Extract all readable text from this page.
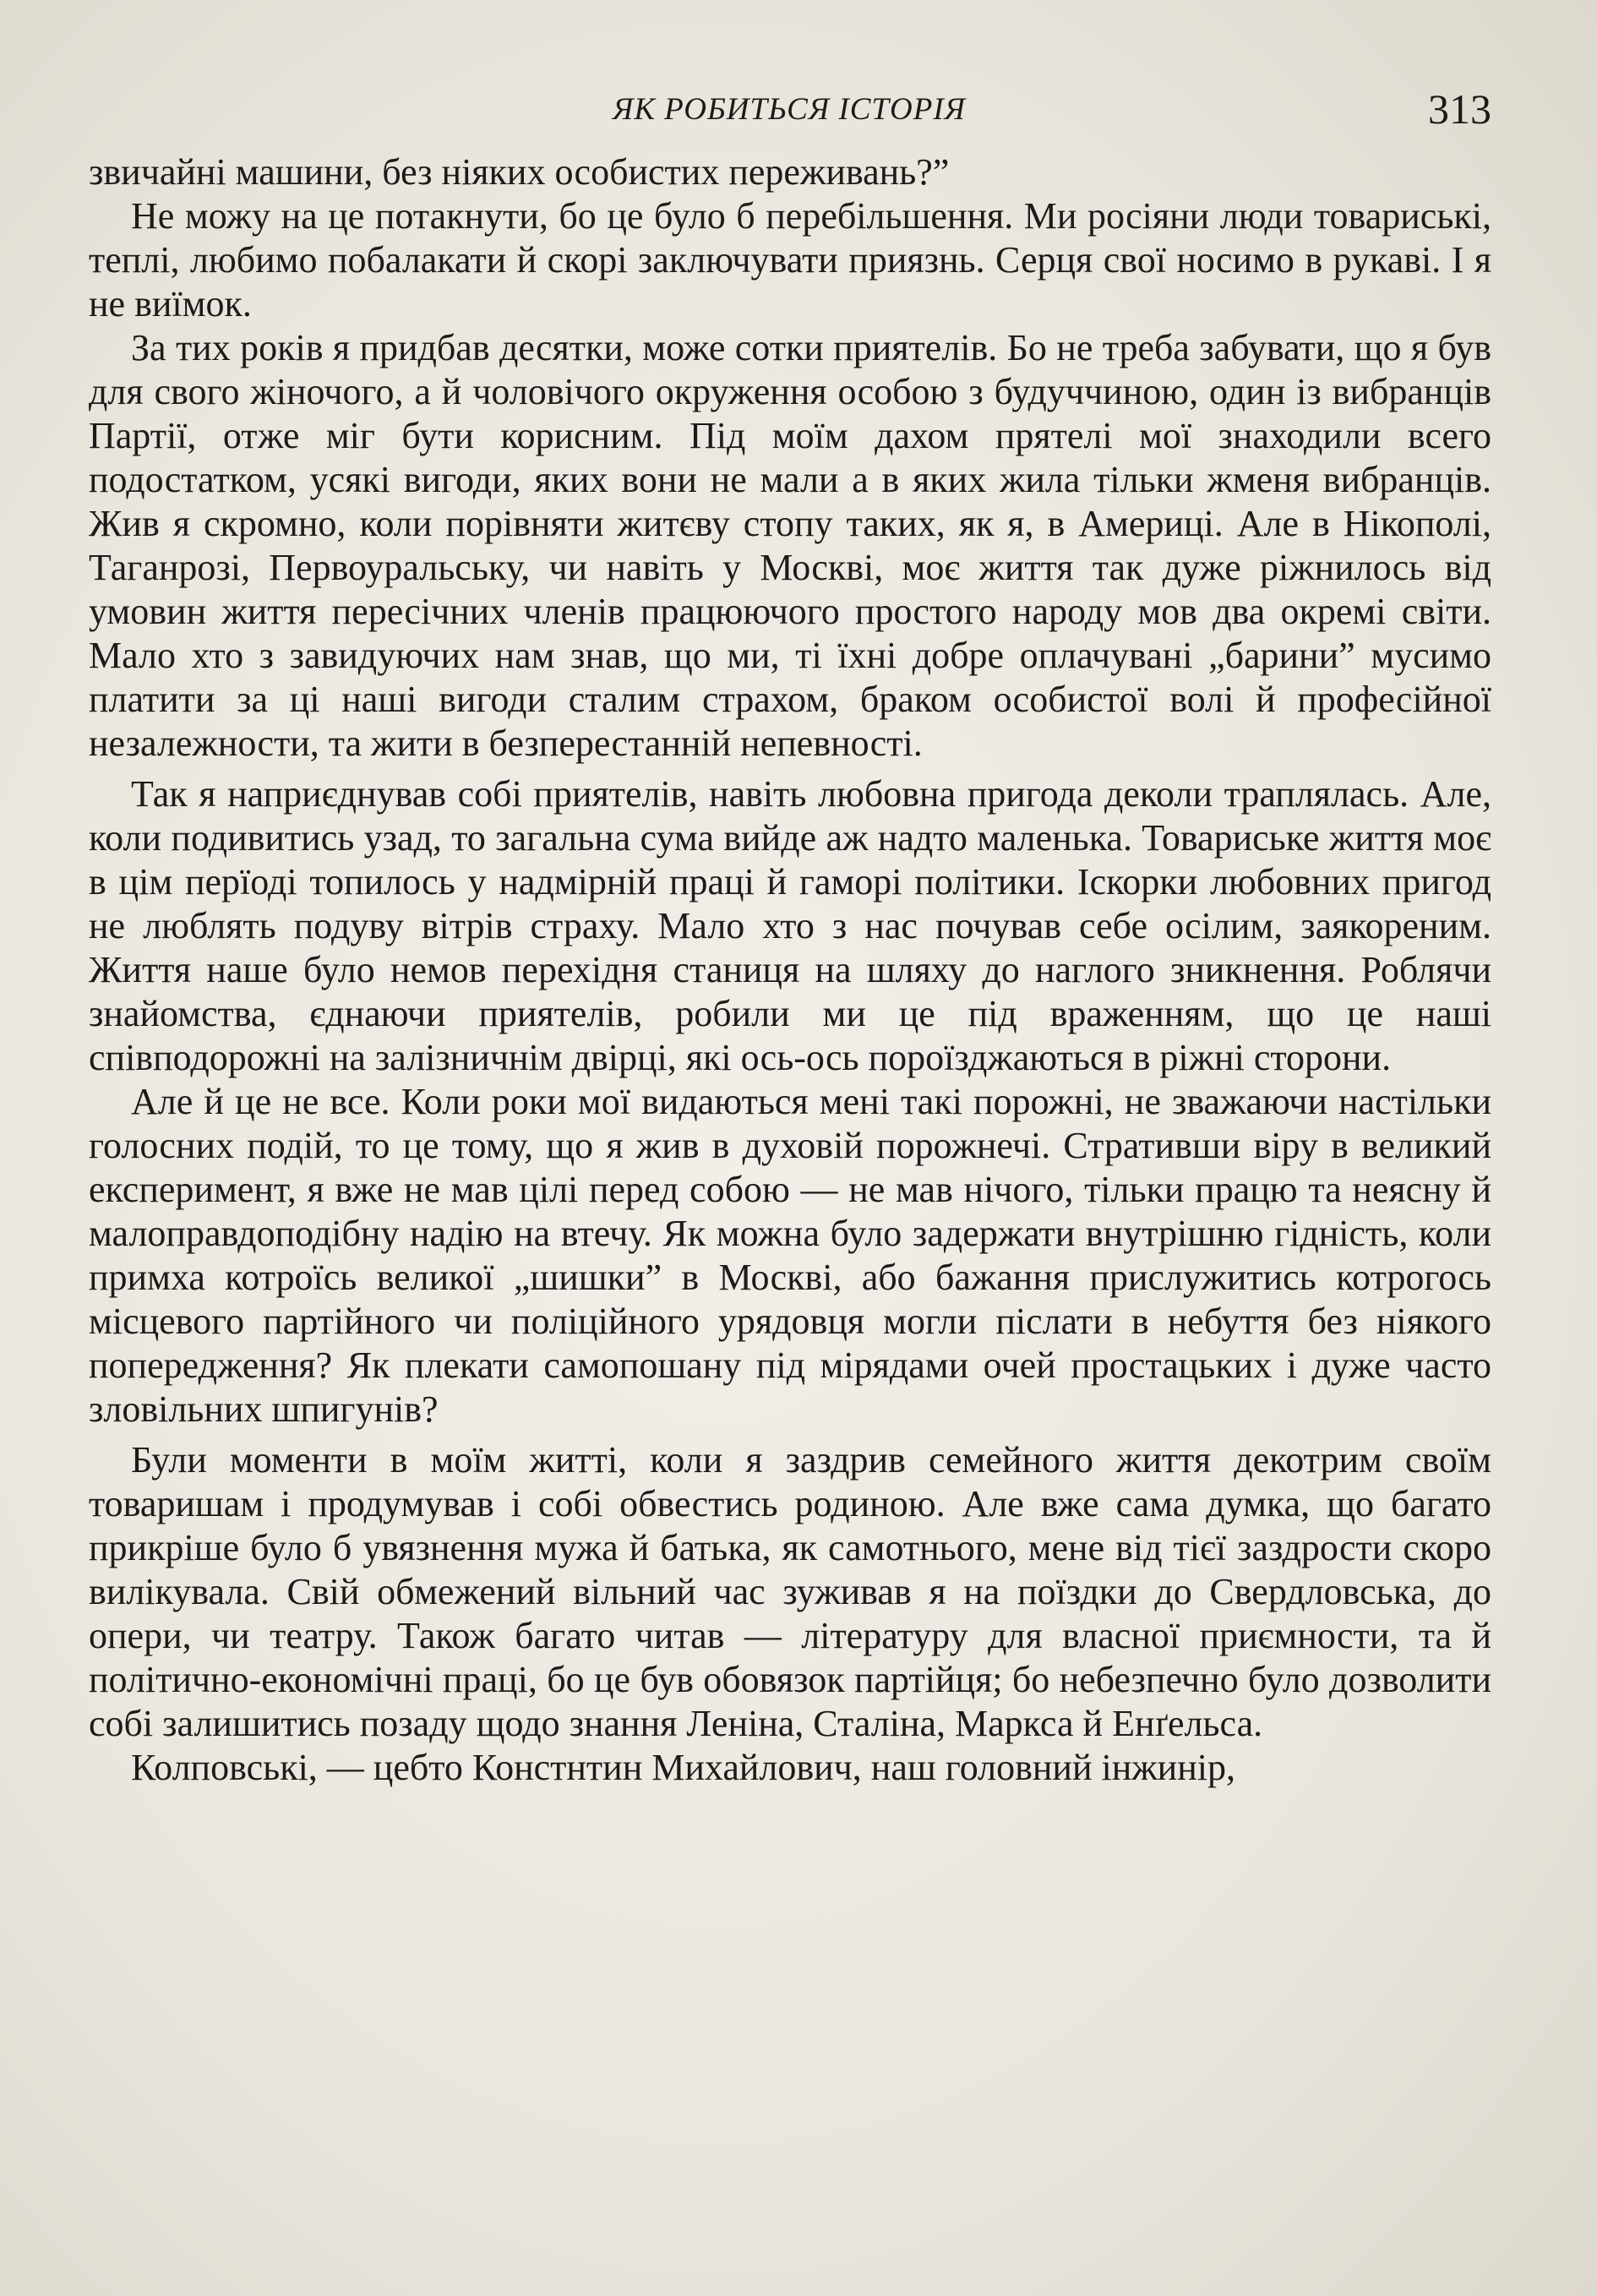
ЯК РОБИТЬСЯ ІСТОРІЯ	313

звичайні машини, без ніяких особистих переживань?”

Не можу на це потакнути, бо це було б перебільшення. Ми росіяни люди товариські, теплі, любимо побалакати й скорі заключувати приязнь. Серця свої носимо в рукаві. І я не виїмок.

За тих років я придбав десятки, може сотки приятелів. Бо не треба забувати, що я був для свого жіночого, а й чоловічого окруження особою з будуччиною, один із вибранців Партії, отже міг бути корисним. Під моїм дахом прятелі мої знаходили всего подостатком, усякі вигоди, яких вони не мали а в яких жила тільки жменя вибранців. Жив я скромно, коли порівняти житєву стопу таких, як я, в Америці. Але в Нікополі, Таганрозі, Первоуральську, чи навіть у Москві, моє життя так дуже ріжнилось від умовин життя пересічних членів працюючого простого народу мов два окремі світи. Мало хто з завидуючих нам знав, що ми, ті їхні добре оплачувані „барини” мусимо платити за ці наші вигоди сталим страхом, браком особистої волі й професійної незалежности, та жити в безперестанній непевності.

Так я наприєднував собі приятелів, навіть любовна пригода деколи траплялась. Але, коли подивитись узад, то загальна сума вийде аж надто маленька. Товариське життя моє в цім перїоді топилось у надмірній праці й гаморі політики. Іскорки любовних пригод не люблять подуву вітрів страху. Мало хто з нас почував себе осілим, заякореним. Життя наше було немов перехідня станиця на шляху до наглого зникнення. Роблячи знайомства, єднаючи приятелів, робили ми це під враженням, що це наші співподорожні на залізничнім двірці, які ось-ось пороїзджаються в ріжні сторони.

Але й це не все. Коли роки мої видаються мені такі порожні, не зважаючи настільки голосних подій, то це тому, що я жив в духовій порожнечі. Стративши віру в великий експеримент, я вже не мав цілі перед собою — не мав нічого, тільки працю та неясну й малоправдоподібну надію на втечу. Як можна було задержати внутрішню гідність, коли примха котроїсь великої „шишки” в Москві, або бажання прислужитись котрогось місцевого партійного чи поліційного урядовця могли післати в небуття без ніякого попередження? Як плекати самопошану під мірядами очей простацьких і дуже часто зловільних шпигунів?

Були моменти в моїм житті, коли я заздрив семейного життя декотрим своїм товаришам і продумував і собі обвестись родиною. Але вже сама думка, що багато прикріше було б увязнення мужа й батька, як самотнього, мене від тієї заздрости скоро вилікувала. Свій обмежений вільний час зуживав я на поїздки до Свердловська, до опери, чи театру. Також багато читав — літературу для власної приємности, та й політично-економічні праці, бо це був обовязок партійця; бо небезпечно було дозволити собі залишитись позаду щодо знання Леніна, Сталіна, Маркса й Енґельса.

Колповські, — цебто Констнтин Михайлович, наш головний інжинір,
